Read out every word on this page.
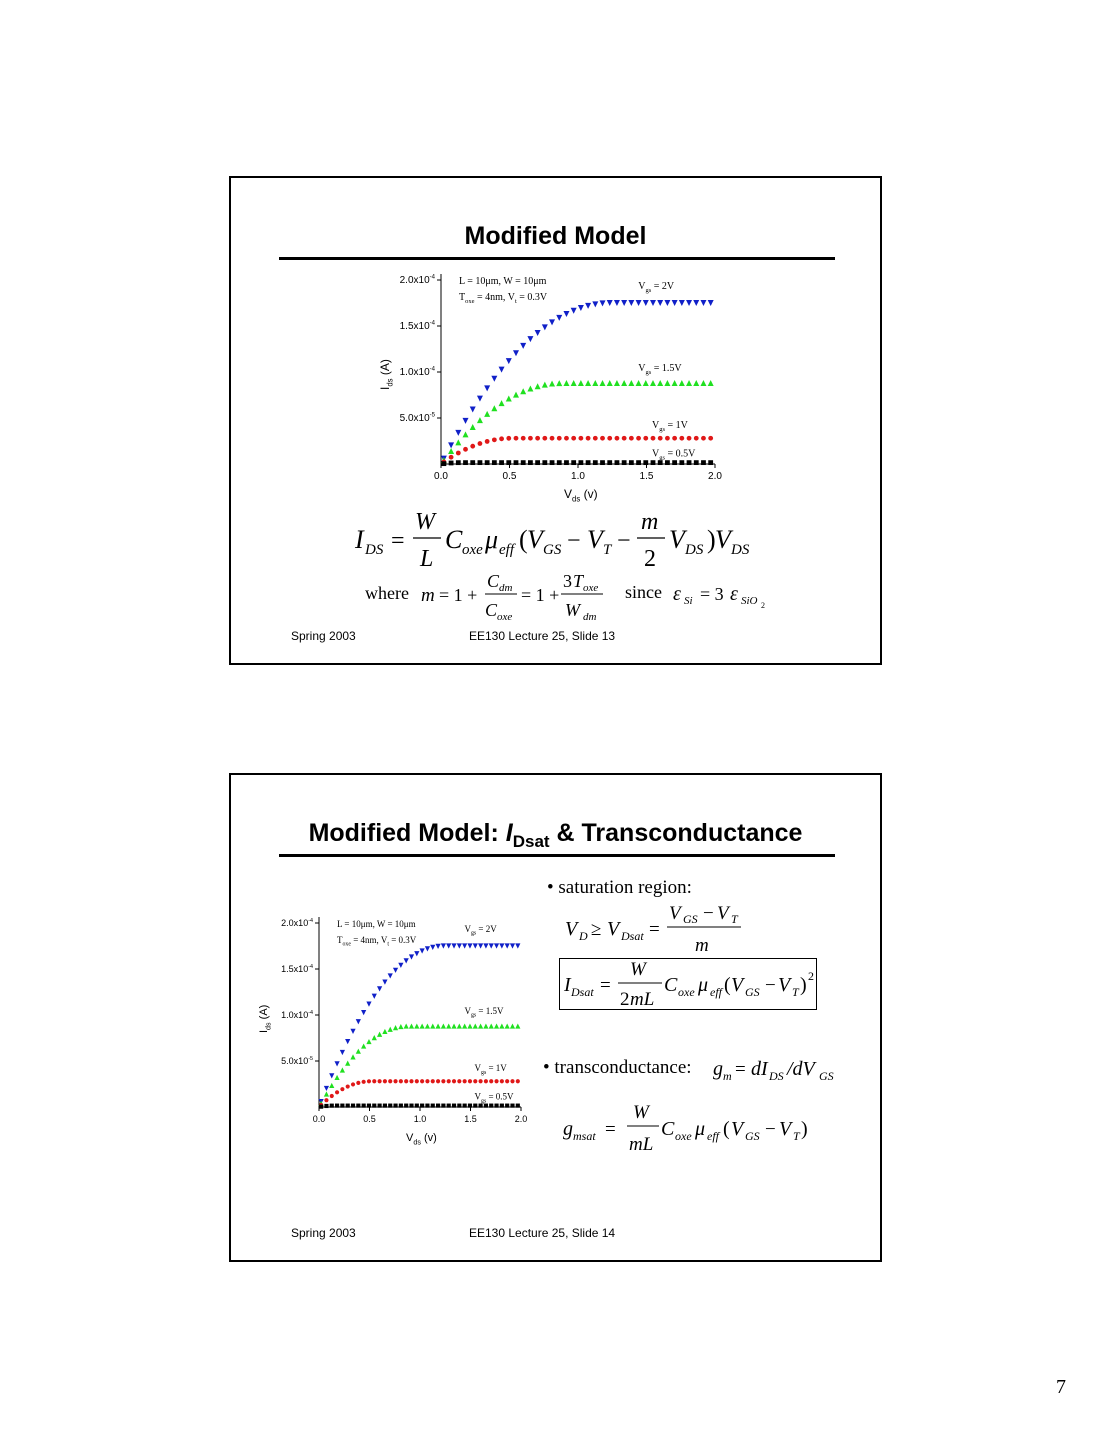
Modified Model
0.0	0.5	1.0	1.5	2.0
$5.0x10^{-5}$
$1.0x10^{-4}$
$1.5x10^{-4}$
$2.0x10^{-4}$
$V_{ds}$ (v)
$I_{ds}$ (A)
L = 10μm, W = 10μm
$T_{oxe} = 4nm$, $V_t = 0.3V$
$V_{gs} = 2V$
$V_{gs} = 1.5V$
$V_{gs} = 1V$
$V_{gs} = 0.5V$
I DS =
W
L
C oxe μ eff ( V GS − V T −
m
2
V DS ) V DS
where m = 1 +
C dm
C oxe
= 1 +
3 T oxe
W dm
since ε Si = 3 ε SiO 2
Spring 2003	EE130 Lecture 25, Slide 13
Modified Model: $I_{Dsat}$ & Transconductance
0.0	0.5	1.0	1.5	2.0
$5.0x10^{-5}$
$1.0x10^{-4}$
$1.5x10^{-4}$
$2.0x10^{-4}$
$V_{ds}$ (v)
$I_{ds}$ (A)
L = 10μm, W = 10μm
$T_{oxe} = 4nm$, $V_t = 0.3V$
$V_{gs} = 2V$
$V_{gs} = 1.5V$
$V_{gs} = 1V$
$V_{gs} = 0.5V$
• saturation region:
V D ≥ V Dsat =
V GS − V T
m
I Dsat =
W
2 mL
C oxe μ eff ( V GS − V T ) 2
• transconductance: g m = dI DS /dV GS
g msat =
W
mL
C oxe μ eff ( V GS − V T )
Spring 2003	EE130 Lecture 25, Slide 14
7
